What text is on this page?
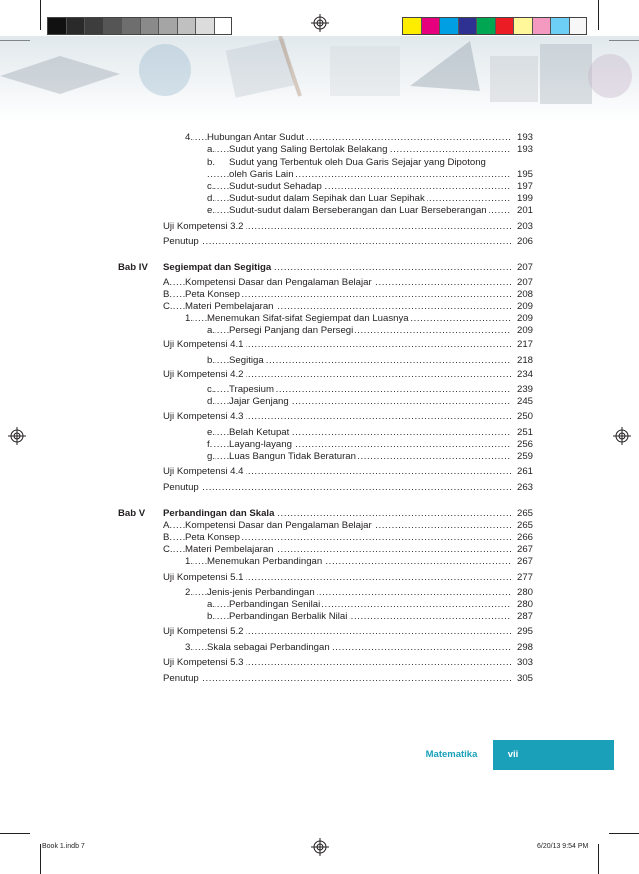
.....
4. Hubungan Antar Sudut	193
.....
a. Sudut yang Saling Bertolak Belakang	193
b. Sudut yang Terbentuk oleh Dua Garis Sejajar yang Dipotong
.....
oleh Garis Lain	195
.....
c. Sudut-sudut Sehadap	197
.....
d. Sudut-sudut dalam Sepihak dan Luar Sepihak	199
.....
e. Sudut-sudut dalam Berseberangan dan Luar Berseberangan	201
.....
Uji Kompetensi 3.2	203
.....
Penutup	206
Bab IV ..... Segiempat dan Segitiga	207
.....
A. Kompetensi Dasar dan Pengalaman Belajar	207
.....
B. Peta Konsep	208
.....
C. Materi Pembelajaran	209
.....
1. Menemukan Sifat-sifat Segiempat dan Luasnya	209
.....
a. Persegi Panjang dan Persegi	209
.....
Uji Kompetensi 4.1	217
.....
b. Segitiga	218
.....
Uji Kompetensi 4.2	234
.....
c. Trapesium	239
.....
d. Jajar Genjang	245
.....
Uji Kompetensi 4.3	250
.....
e. Belah Ketupat	251
.....
f. Layang-layang	256
.....
g. Luas Bangun Tidak Beraturan	259
.....
Uji Kompetensi 4.4	261
.....
Penutup	263
Bab V ..... Perbandingan dan Skala	265
.....
A. Kompetensi Dasar dan Pengalaman Belajar	265
.....
B. Peta Konsep	266
.....
C. Materi Pembelajaran	267
.....
1. Menemukan Perbandingan	267
.....
Uji Kompetensi 5.1	277
.....
2. Jenis-jenis Perbandingan	280
.....
a. Perbandingan Senilai	280
.....
b. Perbandingan Berbalik Nilai	287
.....
Uji Kompetensi 5.2	295
.....
3. Skala sebagai Perbandingan	298
.....
Uji Kompetensi 5.3	303
.....
Penutup	305
Matematika	vii
Book 1.indb 7	6/20/13 9:54 PM
